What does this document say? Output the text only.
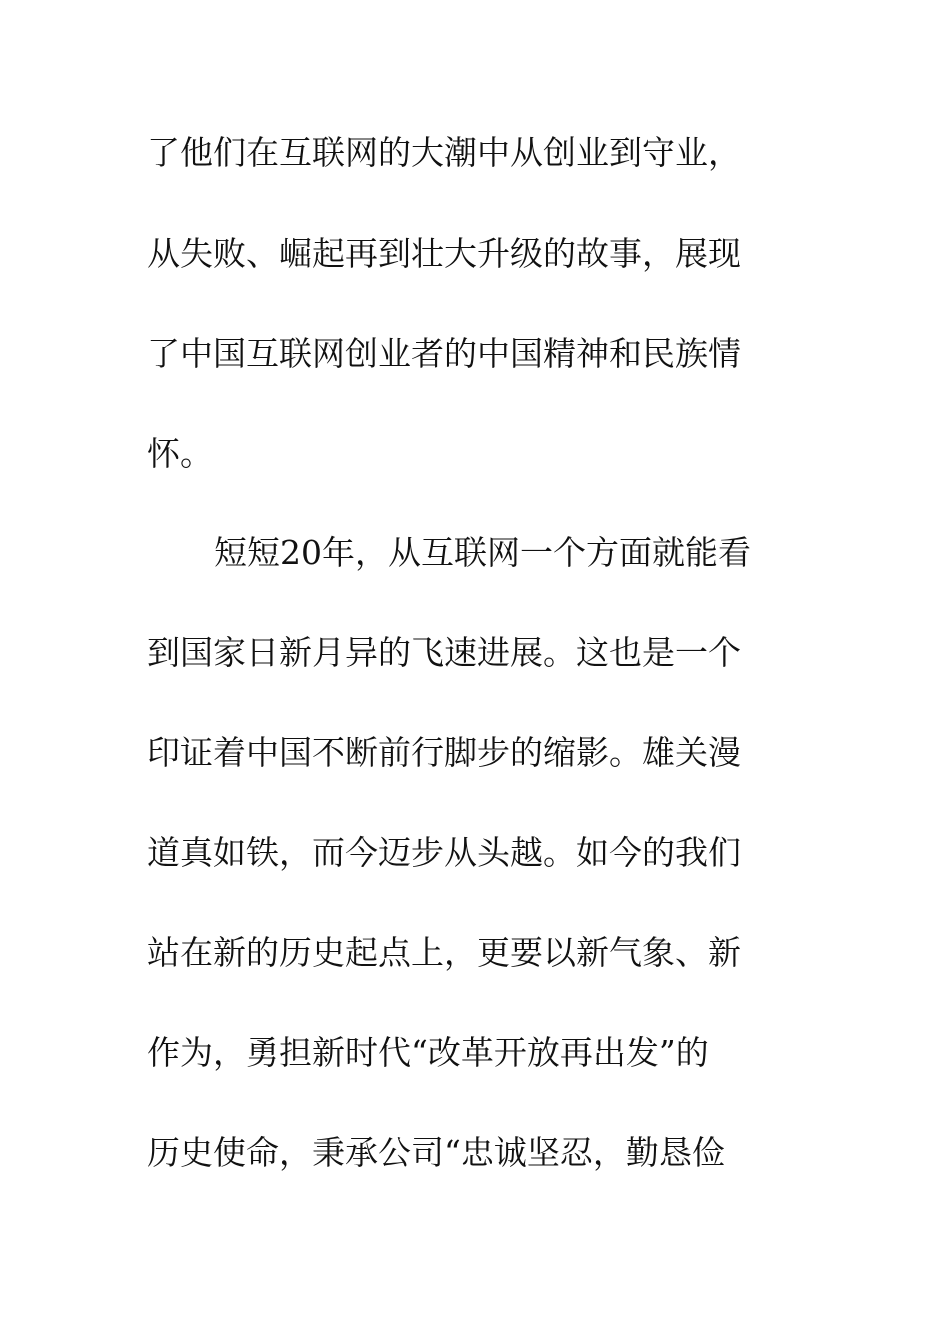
了他们在互联网的大潮中从创业到守业，
从失败、崛起再到壮大升级的故事，展现
了中国互联网创业者的中国精神和民族情
怀。
短短20年，从互联网一个方面就能看
到国家日新月异的飞速进展。这也是一个
印证着中国不断前行脚步的缩影。雄关漫
道真如铁，而今迈步从头越。如今的我们
站在新的历史起点上，更要以新气象、新
作为，勇担新时代“改革开放再出发”的
历史使命，秉承公司“忠诚坚忍，勤恳俭
